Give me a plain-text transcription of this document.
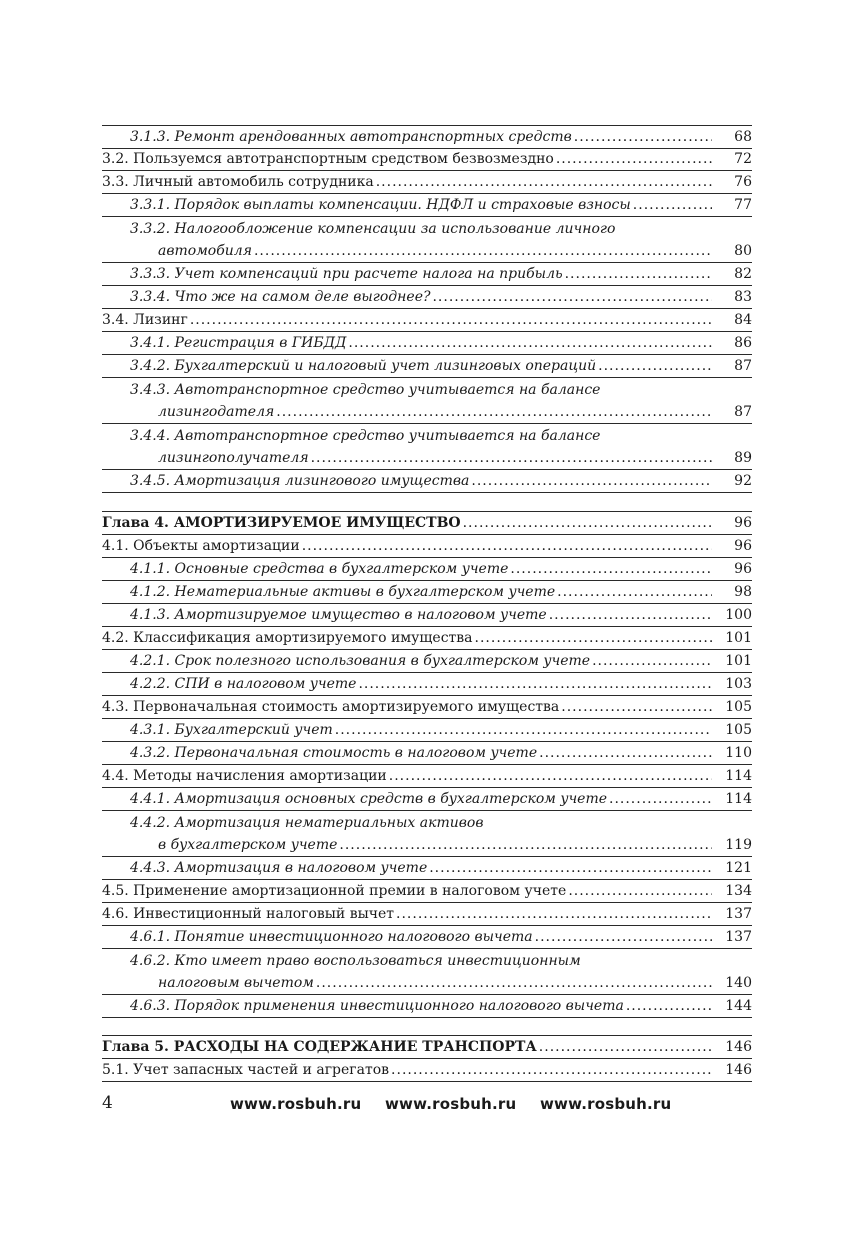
3.1.3. Ремонт арендованных автотранспортных средств .....	68
3.2. Пользуемся автотранспортным средством безвозмездно .....	72
3.3. Личный автомобиль сотрудника .....	76
3.3.1. Порядок выплаты компенсации. НДФЛ и страховые взносы .....	77
3.3.2. Налогообложение компенсации за использование личного
автомобиля .....	80
3.3.3. Учет компенсаций при расчете налога на прибыль .....	82
3.3.4. Что же на самом деле выгоднее? .....	83
3.4. Лизинг .....	84
3.4.1. Регистрация в ГИБДД .....	86
3.4.2. Бухгалтерский и налоговый учет лизинговых операций .....	87
3.4.3. Автотранспортное средство учитывается на балансе
лизингодателя .....	87
3.4.4. Автотранспортное средство учитывается на балансе
лизингополучателя .....	89
3.4.5. Амортизация лизингового имущества .....	92
Глава 4. АМОРТИЗИРУЕМОЕ ИМУЩЕСТВО .....	96
4.1. Объекты амортизации .....	96
4.1.1. Основные средства в бухгалтерском учете .....	96
4.1.2. Нематериальные активы в бухгалтерском учете .....	98
4.1.3. Амортизируемое имущество в налоговом учете .....	100
4.2. Классификация амортизируемого имущества .....	101
4.2.1. Срок полезного использования в бухгалтерском учете .....	101
4.2.2. СПИ в налоговом учете .....	103
4.3. Первоначальная стоимость амортизируемого имущества .....	105
4.3.1. Бухгалтерский учет .....	105
4.3.2. Первоначальная стоимость в налоговом учете .....	110
4.4. Методы начисления амортизации .....	114
4.4.1. Амортизация основных средств в бухгалтерском учете .....	114
4.4.2. Амортизация нематериальных активов
в бухгалтерском учете .....	119
4.4.3. Амортизация в налоговом учете .....	121
4.5. Применение амортизационной премии в налоговом учете .....	134
4.6. Инвестиционный налоговый вычет .....	137
4.6.1. Понятие инвестиционного налогового вычета .....	137
4.6.2. Кто имеет право воспользоваться инвестиционным
налоговым вычетом .....	140
4.6.3. Порядок применения инвестиционного налогового вычета .....	144
Глава 5. РАСХОДЫ НА СОДЕРЖАНИЕ ТРАНСПОРТА .....	146
5.1. Учет запасных частей и агрегатов .....	146
4	www.rosbuh.ru www.rosbuh.ru www.rosbuh.ru
